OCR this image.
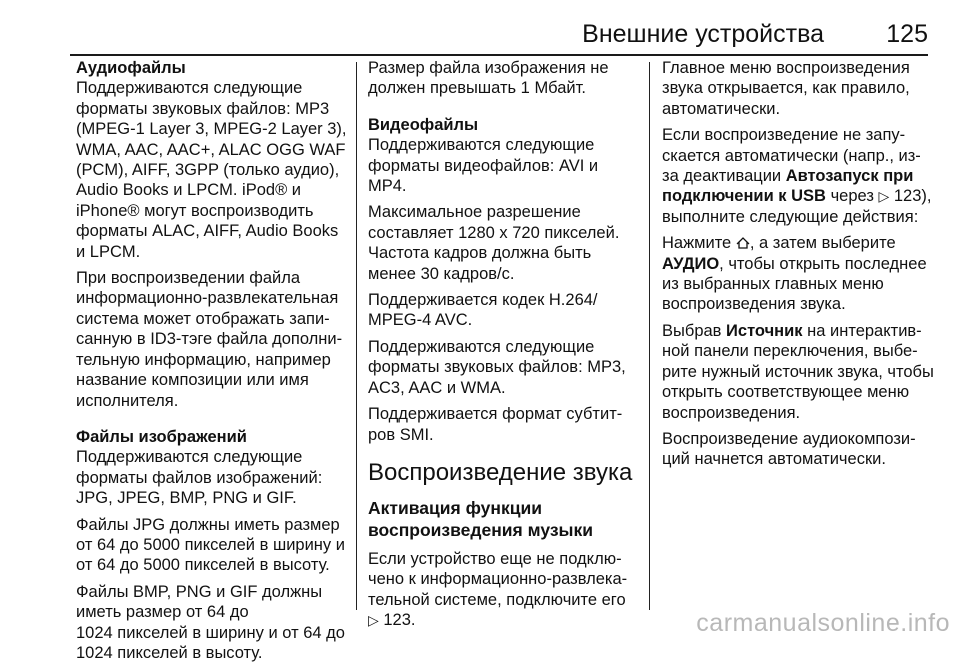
Внешние устройства 125
Аудиофайлы
Поддерживаются следующие
форматы звуковых файлов: MP3
(MPEG-1 Layer 3, MPEG-2 Layer 3),
WMA, AAC, AAC+, ALAC OGG WAF
(PCM), AIFF, 3GPP (только аудио),
Audio Books и LPCM. iPod® и
iPhone® могут воспроизводить
форматы ALAC, AIFF, Audio Books
и LPCM.
При воспроизведении файла
информационно-развлекательная
система может отображать запи-
санную в ID3-тэге файла дополни-
тельную информацию, например
название композиции или имя
исполнителя.
Файлы изображений
Поддерживаются следующие
форматы файлов изображений:
JPG, JPEG, BMP, PNG и GIF.
Файлы JPG должны иметь размер
от 64 до 5000 пикселей в ширину и
от 64 до 5000 пикселей в высоту.
Файлы BMP, PNG и GIF должны
иметь размер от 64 до
1024 пикселей в ширину и от 64 до
1024 пикселей в высоту.
Размер файла изображения не
должен превышать 1 Мбайт.
Видеофайлы
Поддерживаются следующие
форматы видеофайлов: AVI и
MP4.
Максимальное разрешение
составляет 1280 x 720 пикселей.
Частота кадров должна быть
менее 30 кадров/с.
Поддерживается кодек H.264/
MPEG-4 AVC.
Поддерживаются следующие
форматы звуковых файлов: MP3,
AC3, AAC и WMA.
Поддерживается формат субтит-
ров SMI.
Воспроизведение звука
Активация функции
воспроизведения музыки
Если устройство еще не подклю-
чено к информационно-развлека-
тельной системе, подключите его
▷ 123.
Главное меню воспроизведения
звука открывается, как правило,
автоматически.
Если воспроизведение не запу-
скается автоматически (напр., из-
за деактивации Автозапуск при
подключении к USB через ▷ 123),
выполните следующие действия:
Нажмите , а затем выберите
АУДИО, чтобы открыть последнее
из выбранных главных меню
воспроизведения звука.
Выбрав Источник на интерактив-
ной панели переключения, выбе-
рите нужный источник звука, чтобы
открыть соответствующее меню
воспроизведения.
Воспроизведение аудиокомпози-
ций начнется автоматически.
carmanualsonline.info
